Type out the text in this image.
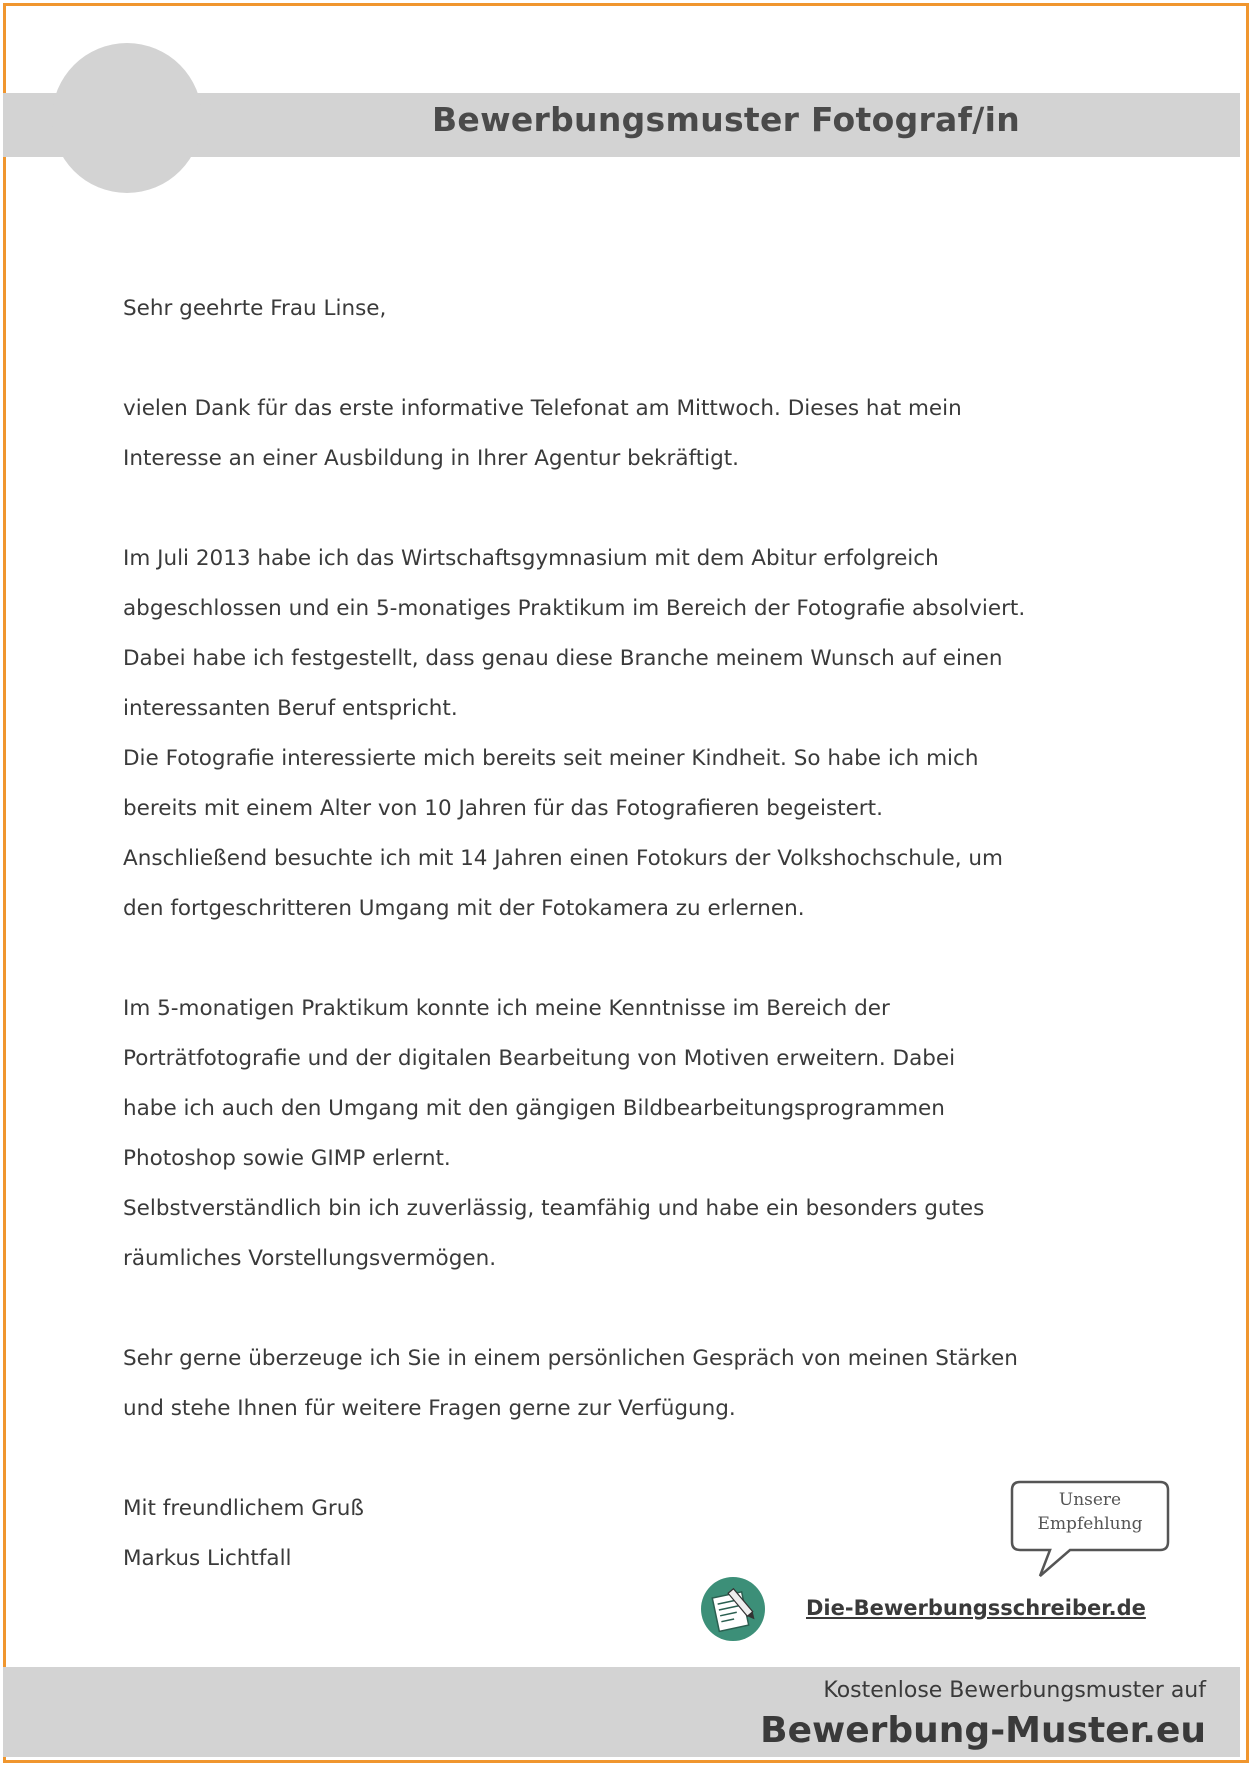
Bewerbungsmuster Fotograf/in

Sehr geehrte Frau Linse,

vielen Dank für das erste informative Telefonat am Mittwoch. Dieses hat mein

Interesse an einer Ausbildung in Ihrer Agentur bekräftigt.

Im Juli 2013 habe ich das Wirtschaftsgymnasium mit dem Abitur erfolgreich

abgeschlossen und ein 5-monatiges Praktikum im Bereich der Fotografie absolviert.

Dabei habe ich festgestellt, dass genau diese Branche meinem Wunsch auf einen

interessanten Beruf entspricht.

Die Fotografie interessierte mich bereits seit meiner Kindheit. So habe ich mich

bereits mit einem Alter von 10 Jahren für das Fotografieren begeistert.

Anschließend besuchte ich mit 14 Jahren einen Fotokurs der Volkshochschule, um

den fortgeschritteren Umgang mit der Fotokamera zu erlernen.

Im 5-monatigen Praktikum konnte ich meine Kenntnisse im Bereich der

Porträtfotografie und der digitalen Bearbeitung von Motiven erweitern. Dabei

habe ich auch den Umgang mit den gängigen Bildbearbeitungsprogrammen

Photoshop sowie GIMP erlernt.

Selbstverständlich bin ich zuverlässig, teamfähig und habe ein besonders gutes

räumliches Vorstellungsvermögen.

Sehr gerne überzeuge ich Sie in einem persönlichen Gespräch von meinen Stärken

und stehe Ihnen für weitere Fragen gerne zur Verfügung.

Mit freundlichem Gruß

Markus Lichtfall

Unsere
Empfehlung
Die-Bewerbungsschreiber.de
Kostenlose Bewerbungsmuster auf
Bewerbung-Muster.eu
